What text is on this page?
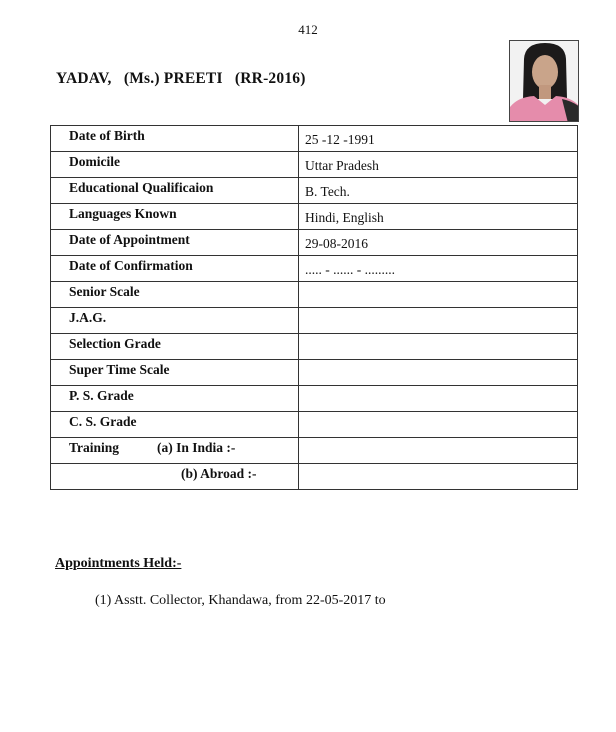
412
YADAV,   (Ms.) PREETI   (RR-2016)
Date of Birth	25 -12 -1991
Domicile	Uttar Pradesh
Educational Qualificaion	B. Tech.
Languages Known	Hindi, English
Date of Appointment	29-08-2016
Date of Confirmation	..... - ...... - .........
Senior Scale	
J.A.G.	
Selection Grade	
Super Time Scale	
P. S. Grade	
C. S. Grade	
Training (a) In India :-	
(b) Abroad :-	
Appointments Held:-
(1) Asstt. Collector, Khandawa, from 22-05-2017 to
